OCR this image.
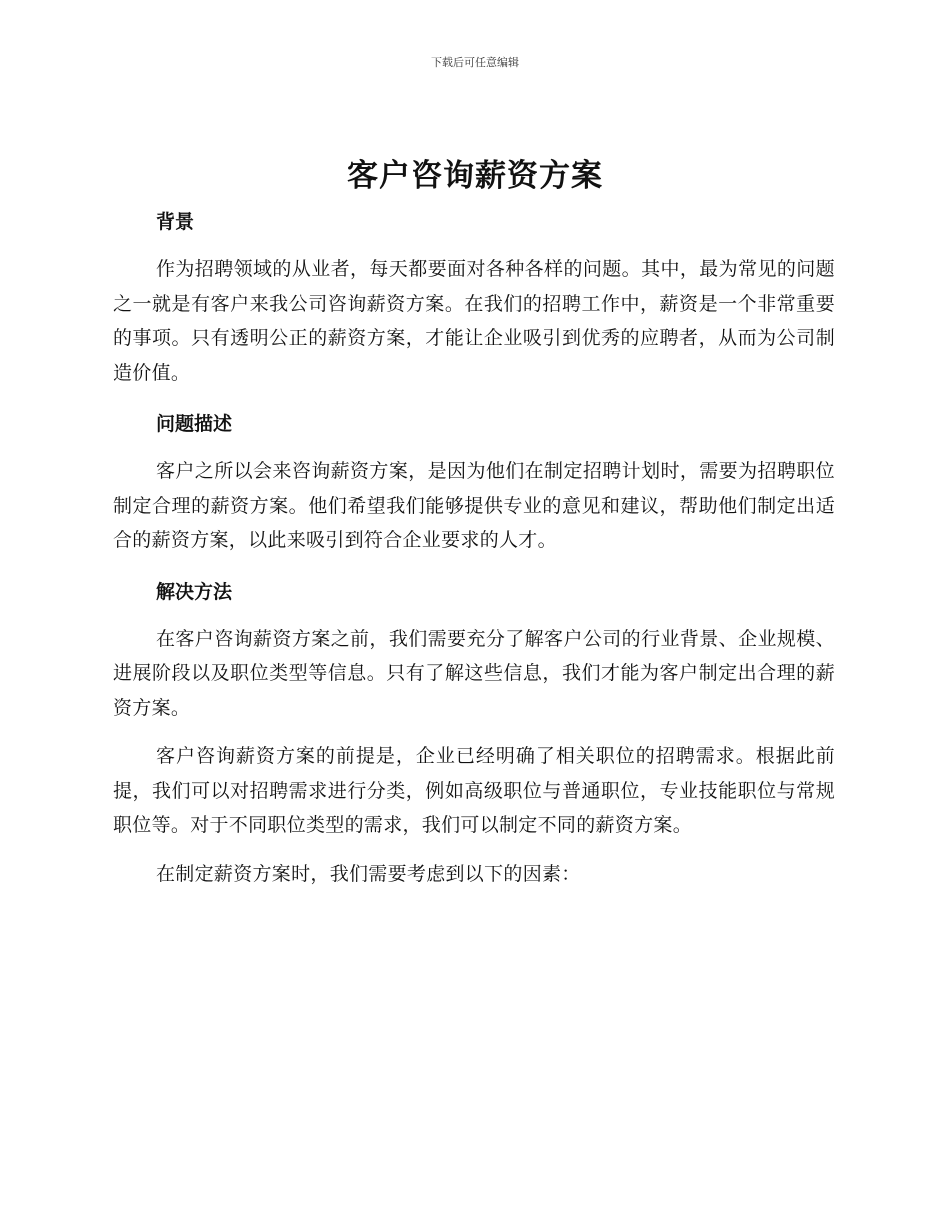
下载后可任意编辑
客户咨询薪资方案
背景

作为招聘领域的从业者，每天都要面对各种各样的问题。其中，最为常见的问题之一就是有客户来我公司咨询薪资方案。在我们的招聘工作中，薪资是一个非常重要的事项。只有透明公正的薪资方案，才能让企业吸引到优秀的应聘者，从而为公司制造价值。

问题描述

客户之所以会来咨询薪资方案，是因为他们在制定招聘计划时，需要为招聘职位制定合理的薪资方案。他们希望我们能够提供专业的意见和建议，帮助他们制定出适合的薪资方案，以此来吸引到符合企业要求的人才。

解决方法

在客户咨询薪资方案之前，我们需要充分了解客户公司的行业背景、企业规模、进展阶段以及职位类型等信息。只有了解这些信息，我们才能为客户制定出合理的薪资方案。

客户咨询薪资方案的前提是，企业已经明确了相关职位的招聘需求。根据此前提，我们可以对招聘需求进行分类，例如高级职位与普通职位，专业技能职位与常规职位等。对于不同职位类型的需求，我们可以制定不同的薪资方案。

在制定薪资方案时，我们需要考虑到以下的因素：
